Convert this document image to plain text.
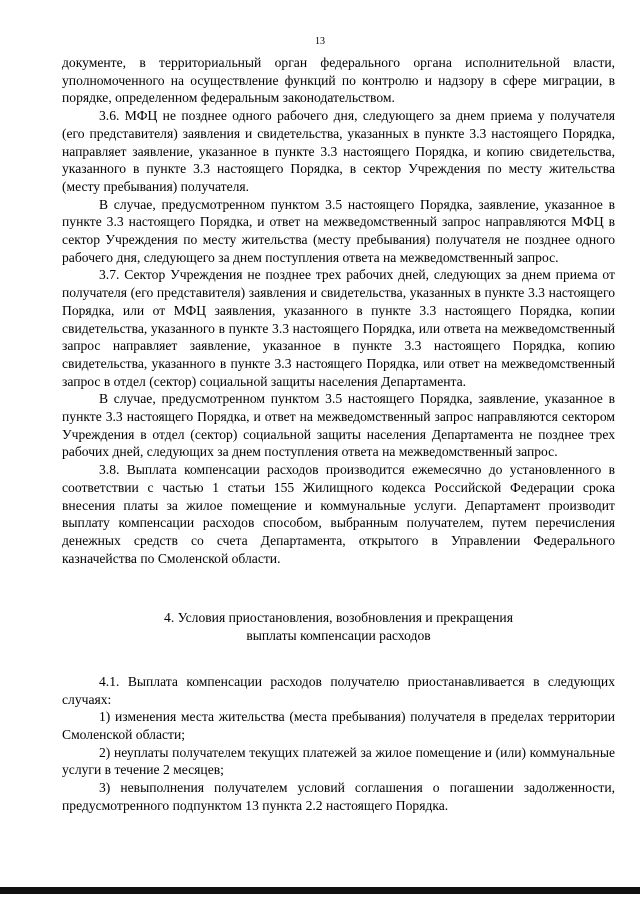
13

документе, в территориальный орган федерального органа исполнительной власти, уполномоченного на осуществление функций по контролю и надзору в сфере миграции, в порядке, определенном федеральным законодательством.

3.6. МФЦ не позднее одного рабочего дня, следующего за днем приема у получателя (его представителя) заявления и свидетельства, указанных в пункте 3.3 настоящего Порядка, направляет заявление, указанное в пункте 3.3 настоящего Порядка, и копию свидетельства, указанного в пункте 3.3 настоящего Порядка, в сектор Учреждения по месту жительства (месту пребывания) получателя.

В случае, предусмотренном пунктом 3.5 настоящего Порядка, заявление, указанное в пункте 3.3 настоящего Порядка, и ответ на межведомственный запрос направляются МФЦ в сектор Учреждения по месту жительства (месту пребывания) получателя не позднее одного рабочего дня, следующего за днем поступления ответа на межведомственный запрос.

3.7. Сектор Учреждения не позднее трех рабочих дней, следующих за днем приема от получателя (его представителя) заявления и свидетельства, указанных в пункте 3.3 настоящего Порядка, или от МФЦ заявления, указанного в пункте 3.3 настоящего Порядка, копии свидетельства, указанного в пункте 3.3 настоящего Порядка, или ответа на межведомственный запрос направляет заявление, указанное в пункте 3.3 настоящего Порядка, копию свидетельства, указанного в пункте 3.3 настоящего Порядка, или ответ на межведомственный запрос в отдел (сектор) социальной защиты населения Департамента.

В случае, предусмотренном пунктом 3.5 настоящего Порядка, заявление, указанное в пункте 3.3 настоящего Порядка, и ответ на межведомственный запрос направляются сектором Учреждения в отдел (сектор) социальной защиты населения Департамента не позднее трех рабочих дней, следующих за днем поступления ответа на межведомственный запрос.

3.8. Выплата компенсации расходов производится ежемесячно до установленного в соответствии с частью 1 статьи 155 Жилищного кодекса Российской Федерации срока внесения платы за жилое помещение и коммунальные услуги. Департамент производит выплату компенсации расходов способом, выбранным получателем, путем перечисления денежных средств со счета Департамента, открытого в Управлении Федерального казначейства по Смоленской области.

4. Условия приостановления, возобновления и прекращения
выплаты компенсации расходов

4.1. Выплата компенсации расходов получателю приостанавливается в следующих случаях:

1) изменения места жительства (места пребывания) получателя в пределах территории Смоленской области;

2) неуплаты получателем текущих платежей за жилое помещение и (или) коммунальные услуги в течение 2 месяцев;

3) невыполнения получателем условий соглашения о погашении задолженности, предусмотренного подпунктом 13 пункта 2.2 настоящего Порядка.
